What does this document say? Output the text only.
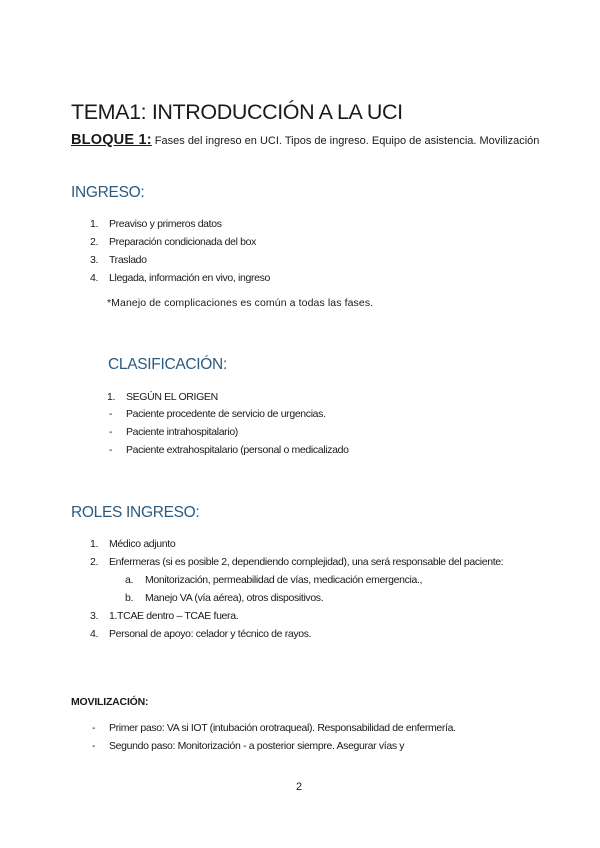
TEMA1: INTRODUCCIÓN A LA UCI
BLOQUE 1: Fases del ingreso en UCI. Tipos de ingreso. Equipo de asistencia. Movilización
INGRESO:
1. Preaviso y primeros datos
2. Preparación condicionada del box
3. Traslado
4. Llegada, información en vivo, ingreso
*Manejo de complicaciones es común a todas las fases.
CLASIFICACIÓN:
1. SEGÚN EL ORIGEN
- Paciente procedente de servicio de urgencias.
- Paciente intrahospitalario)
- Paciente extrahospitalario (personal o medicalizado
ROLES INGRESO:
1. Médico adjunto
2. Enfermeras (si es posible 2, dependiendo complejidad), una será responsable del paciente:
a. Monitorización, permeabilidad de vías, medicación emergencia.,
b. Manejo VA (vía aérea), otros dispositivos.
3. 1.TCAE dentro – TCAE fuera.
4. Personal de apoyo: celador y técnico de rayos.
MOVILIZACIÓN:
- Primer paso: VA si IOT (intubación orotraqueal). Responsabilidad de enfermería.
- Segundo paso: Monitorización - a posterior siempre. Asegurar vías y
2
